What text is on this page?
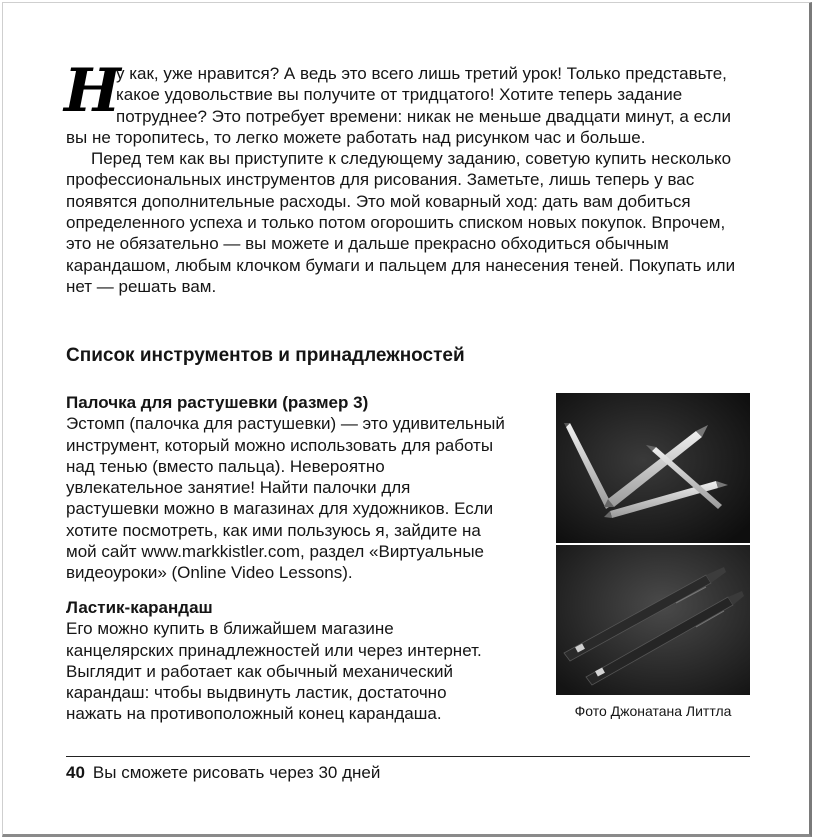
Н
у как, уже нравится? А ведь это всего лишь третий урок! Только представьте, какое удовольствие вы получите от тридцатого! Хотите теперь задание потруднее? Это потребует времени: никак не меньше двадцати минут, а если вы не торопитесь, то легко можете работать над рисунком час и больше.

Перед тем как вы приступите к следующему заданию, советую купить несколько профессиональных инструментов для рисования. Заметьте, лишь теперь у вас появятся дополнительные расходы. Это мой коварный ход: дать вам добиться определенного успеха и только потом огорошить списком новых покупок. Впрочем, это не обязательно — вы можете и дальше прекрасно обходиться обычным карандашом, любым клочком бумаги и пальцем для нанесения теней. Покупать или нет — решать вам.

Список инструментов и принадлежностей
Палочка для растушевки (размер 3)

Эстомп (палочка для растушевки) — это удивительный инструмент, который можно использовать для работы над тенью (вместо пальца). Невероятно увлекательное занятие! Найти палочки для растушевки можно в магазинах для художников. Если хотите посмотреть, как ими пользуюсь я, зайдите на мой сайт www.markkistler.com, раздел «Виртуальные видеоуроки» (Online Video Lessons).

Ластик-карандаш

Его можно купить в ближайшем магазине канцелярских принадлежностей или через интернет. Выглядит и работает как обычный механический карандаш: чтобы выдвинуть ластик, достаточно нажать на противоположный конец карандаша.	Фото Джонатана Литтла
40 Вы сможете рисовать через 30 дней
